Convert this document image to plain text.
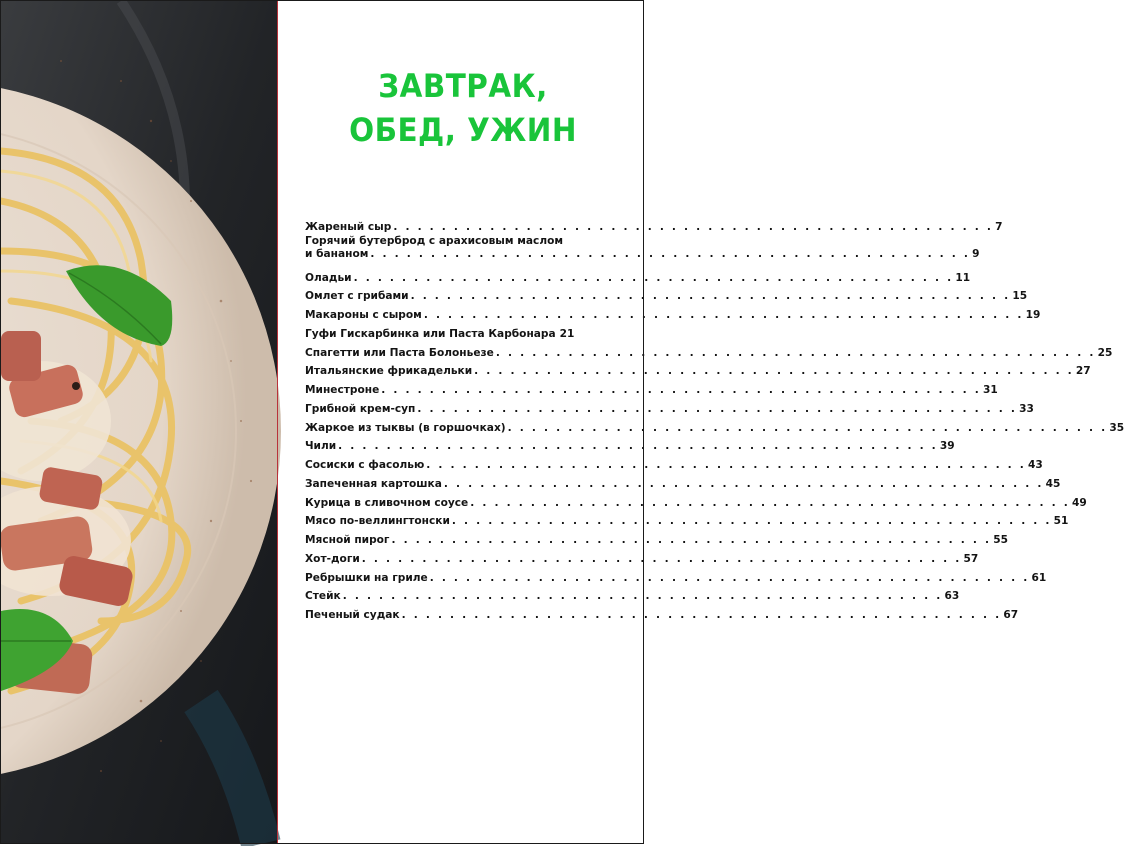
ЗАВТРАК,
ОБЕД, УЖИН
Жареный сыр . . . . . . . . . . . . . . . . . . . . . . . . . . . . . . . . . . . . . . . . . . . . . . . . . . 7
Горячий бутерброд с арахисовым маслом
и бананом . . . . . . . . . . . . . . . . . . . . . . . . . . . . . . . . . . . . . . . . . . . . . . . . . . 9
Оладьи . . . . . . . . . . . . . . . . . . . . . . . . . . . . . . . . . . . . . . . . . . . . . . . . . . 11
Омлет с грибами . . . . . . . . . . . . . . . . . . . . . . . . . . . . . . . . . . . . . . . . . . . . . . . . . . 15
Макароны с сыром . . . . . . . . . . . . . . . . . . . . . . . . . . . . . . . . . . . . . . . . . . . . . . . . . . 19
Гуфи Гискарбинка или Паста Карбонара 21
Спагетти или Паста Болоньезе . . . . . . . . . . . . . . . . . . . . . . . . . . . . . . . . . . . . . . . . . . . . . . . . . . 25
Итальянские фрикадельки . . . . . . . . . . . . . . . . . . . . . . . . . . . . . . . . . . . . . . . . . . . . . . . . . . 27
Минестроне . . . . . . . . . . . . . . . . . . . . . . . . . . . . . . . . . . . . . . . . . . . . . . . . . . 31
Грибной крем-суп . . . . . . . . . . . . . . . . . . . . . . . . . . . . . . . . . . . . . . . . . . . . . . . . . . 33
Жаркое из тыквы (в горшочках) . . . . . . . . . . . . . . . . . . . . . . . . . . . . . . . . . . . . . . . . . . . . . . . . . . 35
Чили . . . . . . . . . . . . . . . . . . . . . . . . . . . . . . . . . . . . . . . . . . . . . . . . . . 39
Сосиски с фасолью . . . . . . . . . . . . . . . . . . . . . . . . . . . . . . . . . . . . . . . . . . . . . . . . . . 43
Запеченная картошка . . . . . . . . . . . . . . . . . . . . . . . . . . . . . . . . . . . . . . . . . . . . . . . . . . 45
Курица в сливочном соусе . . . . . . . . . . . . . . . . . . . . . . . . . . . . . . . . . . . . . . . . . . . . . . . . . . 49
Мясо по-веллингтонски . . . . . . . . . . . . . . . . . . . . . . . . . . . . . . . . . . . . . . . . . . . . . . . . . . 51
Мясной пирог . . . . . . . . . . . . . . . . . . . . . . . . . . . . . . . . . . . . . . . . . . . . . . . . . . 55
Хот-доги . . . . . . . . . . . . . . . . . . . . . . . . . . . . . . . . . . . . . . . . . . . . . . . . . . 57
Ребрышки на гриле . . . . . . . . . . . . . . . . . . . . . . . . . . . . . . . . . . . . . . . . . . . . . . . . . . 61
Стейк . . . . . . . . . . . . . . . . . . . . . . . . . . . . . . . . . . . . . . . . . . . . . . . . . . 63
Печеный судак . . . . . . . . . . . . . . . . . . . . . . . . . . . . . . . . . . . . . . . . . . . . . . . . . . 67
